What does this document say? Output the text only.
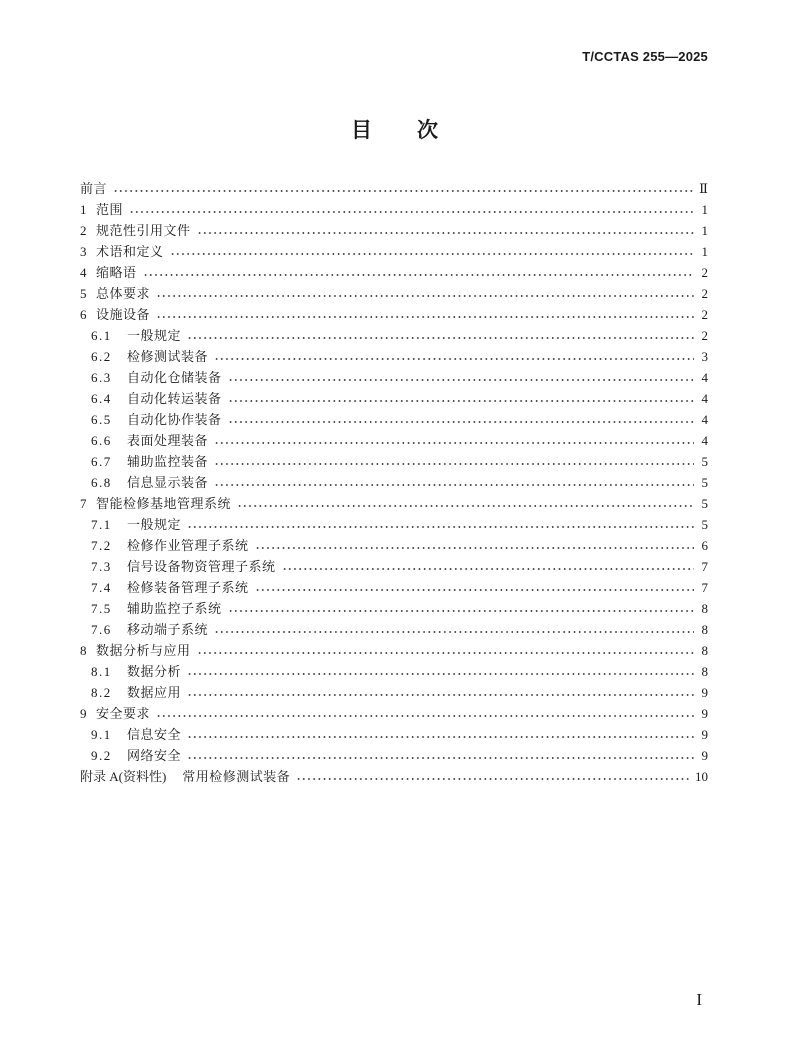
T/CCTAS 255—2025
目　　次
前言	Ⅱ
1 范围	1
2 规范性引用文件	1
3 术语和定义	1
4 缩略语	2
5 总体要求	2
6 设施设备	2
6.1	一般规定	2
6.2	检修测试装备	3
6.3	自动化仓储装备	4
6.4	自动化转运装备	4
6.5	自动化协作装备	4
6.6	表面处理装备	4
6.7	辅助监控装备	5
6.8	信息显示装备	5
7 智能检修基地管理系统	5
7.1	一般规定	5
7.2	检修作业管理子系统	6
7.3	信号设备物资管理子系统	7
7.4	检修装备管理子系统	7
7.5	辅助监控子系统	8
7.6	移动端子系统	8
8 数据分析与应用	8
8.1	数据分析	8
8.2	数据应用	9
9 安全要求	9
9.1	信息安全	9
9.2	网络安全	9
附录 A(资料性) 常用检修测试装备	10
I
